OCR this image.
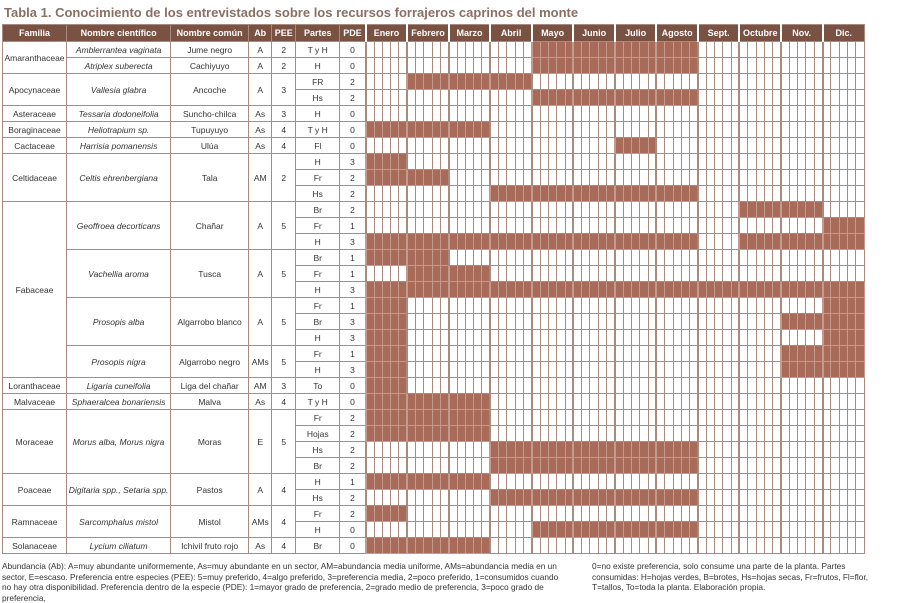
Tabla 1. Conocimiento de los entrevistados sobre los recursos forrajeros caprinos del monte
Familia	Nombre científico	Nombre común	Ab	PEE	Partes	PDE	Enero	Febrero	Marzo	Abril	Mayo	Junio	Julio	Agosto	Sept.	Octubre	Nov.	Dic.
Amaranthaceae	Amblerrantea vaginata	Jume negro	A	2	T y H	0																																																												
Atriplex suberecta	Cachiyuyo	A	2	H	0																																																												
Apocynaceae	Vallesia glabra	Ancoche	A	3	FR	2																																																												
Hs	2																																																												
Asteraceae	Tessaria dodoneifolia	Suncho-chilca	As	3	H	0																																																												
Boraginaceae	Heliotrapium sp.	Tupuyuyo	As	4	T y H	0																																																												
Cactaceae	Harrisia pomanensis	Ulúa	As	4	Fl	0																																																												
Celtidaceae	Celtis ehrenbergiana	Tala	AM	2	H	3																																																												
Fr	2																																																												
Hs	2																																																												
Fabaceae	Geoffroea decorticans	Chañar	A	5	Br	2																																																												
Fr	1																																																												
H	3																																																												
Vachellia aroma	Tusca	A	5	Br	1																																																												
Fr	1																																																												
H	3																																																												
Prosopis alba	Algarrobo blanco	A	5	Fr	1																																																												
Br	3																																																												
H	3																																																												
Prosopis nigra	Algarrobo negro	AMs	5	Fr	1																																																												
H	3																																																												
Loranthaceae	Ligaria cuneifolia	Liga del chañar	AM	3	To	0																																																												
Malvaceae	Sphaeralcea bonariensis	Malva	As	4	T y H	0																																																												
Moraceae	Morus alba, Morus nigra	Moras	E	5	Fr	2																																																												
Hojas	2																																																												
Hs	2																																																												
Br	2																																																												
Poaceae	Digitaria spp., Setaria spp.	Pastos	A	4	H	1																																																												
Hs	2																																																												
Ramnaceae	Sarcomphalus mistol	Mistol	AMs	4	Fr	2																																																												
H	0																																																												
Solanaceae	Lycium ciliatum	Ichivil fruto rojo	As	4	Br	0																																																												
Abundancia (Ab): A=muy abundante uniformemente, As=muy abundante en un sector, AM=abundancia media uniforme, AMs=abundancia media en un sector, E=escaso. Preferencia entre especies (PEE): 5=muy preferido, 4=algo preferido, 3=preferencia media, 2=poco preferido, 1=consumidos cuando no hay otra disponibilidad. Preferencia dentro de la especie (PDE): 1=mayor grado de preferencia, 2=grado medio de preferencia, 3=poco grado de preferencia,
0=no existe preferencia, solo consume una parte de la planta. Partes consumidas: H=hojas verdes, B=brotes, Hs=hojas secas, Fr=frutos, Fl=flor, T=tallos, To=toda la planta. Elaboración propia.
